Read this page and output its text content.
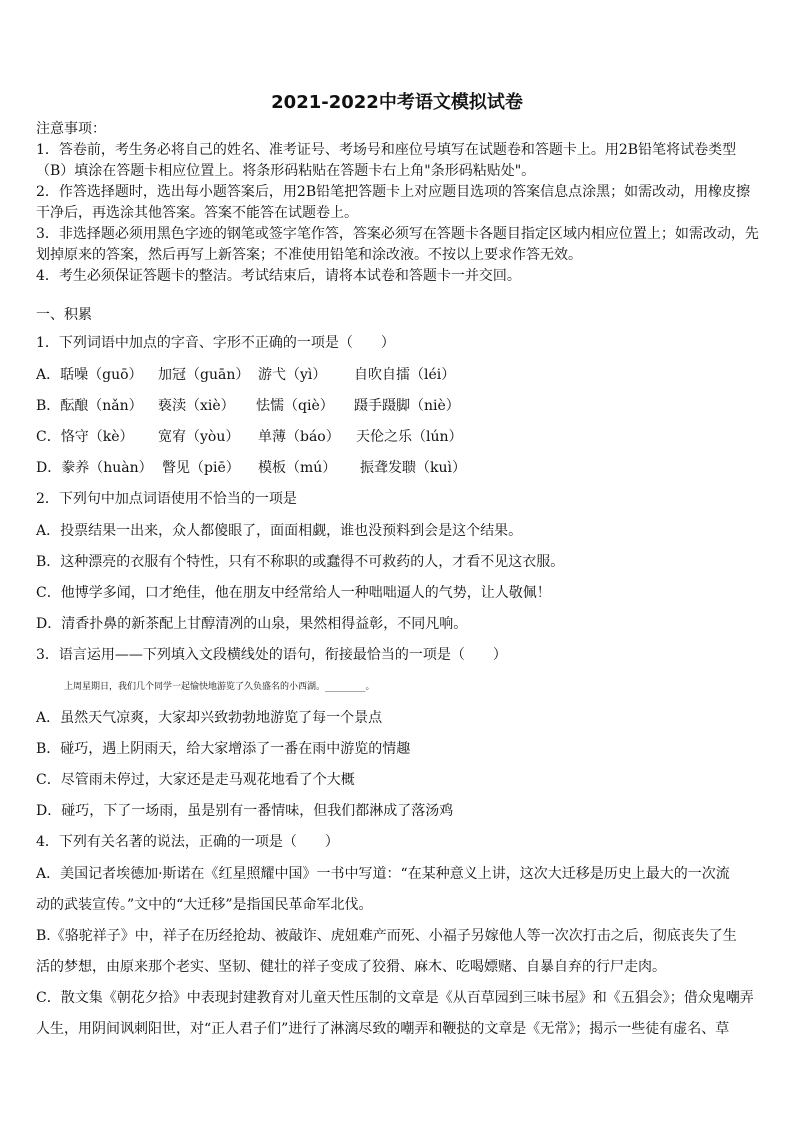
2021-2022中考语文模拟试卷
注意事项：
1．答卷前，考生务必将自己的姓名、准考证号、考场号和座位号填写在试题卷和答题卡上。用2B铅笔将试卷类型
（B）填涂在答题卡相应位置上。将条形码粘贴在答题卡右上角"条形码粘贴处"。
2．作答选择题时，选出每小题答案后，用2B铅笔把答题卡上对应题目选项的答案信息点涂黑；如需改动，用橡皮擦
干净后，再选涂其他答案。答案不能答在试题卷上。
3．非选择题必须用黑色字迹的钢笔或签字笔作答，答案必须写在答题卡各题目指定区域内相应位置上；如需改动，先
划掉原来的答案，然后再写上新答案；不准使用铅笔和涂改液。不按以上要求作答无效。
4．考生必须保证答题卡的整洁。考试结束后，请将本试卷和答题卡一并交回。
一、积累
1．下列词语中加点的字音、字形不正确的一项是（　　）
A．聒噪（guō） 加冠（guān） 游弋（yì） 自吹自擂（léi）
B．酝酿（nǎn） 亵渎（xiè） 怯懦（qiè） 蹑手蹑脚（niè）
C．恪守（kè） 宽宥（yòu） 单薄（báo） 天伦之乐（lún）
D．豢养（huàn） 瞥见（piē） 模板（mú） 振聋发聩（kuì）
2．下列句中加点词语使用不恰当的一项是
A．投票结果一出来，众人都傻眼了，面面相觑，谁也没预料到会是这个结果。
B．这种漂亮的衣服有个特性，只有不称职的或蠢得不可救药的人，才看不见这衣服。
C．他博学多闻，口才绝佳，他在朋友中经常给人一种咄咄逼人的气势，让人敬佩！
D．清香扑鼻的新茶配上甘醇清冽的山泉，果然相得益彰，不同凡响。
3．语言运用——下列填入文段横线处的语句，衔接最恰当的一项是（　　）
上周星期日，我们几个同学一起愉快地游览了久负盛名的小西湖。_________。
A．虽然天气凉爽，大家却兴致勃勃地游览了每一个景点
B．碰巧，遇上阴雨天，给大家增添了一番在雨中游览的情趣
C．尽管雨未停过，大家还是走马观花地看了个大概
D．碰巧，下了一场雨，虽是别有一番情味，但我们都淋成了落汤鸡
4．下列有关名著的说法，正确的一项是（　　）
A．美国记者埃德加·斯诺在《红星照耀中国》一书中写道：“在某种意义上讲，这次大迁移是历史上最大的一次流
动的武装宣传。”文中的“大迁移”是指国民革命军北伐。
B.《骆驼祥子》中，祥子在历经抢劫、被敲诈、虎妞难产而死、小福子另嫁他人等一次次打击之后，彻底丧失了生
活的梦想，由原来那个老实、坚韧、健壮的祥子变成了狡猾、麻木、吃喝嫖赌、自暴自弃的行尸走肉。
C．散文集《朝花夕拾》中表现封建教育对儿童天性压制的文章是《从百草园到三味书屋》和《五猖会》；借众鬼嘲弄
人生，用阴间讽刺阳世，对“正人君子们”进行了淋漓尽致的嘲弄和鞭挞的文章是《无常》；揭示一些徒有虚名、草
